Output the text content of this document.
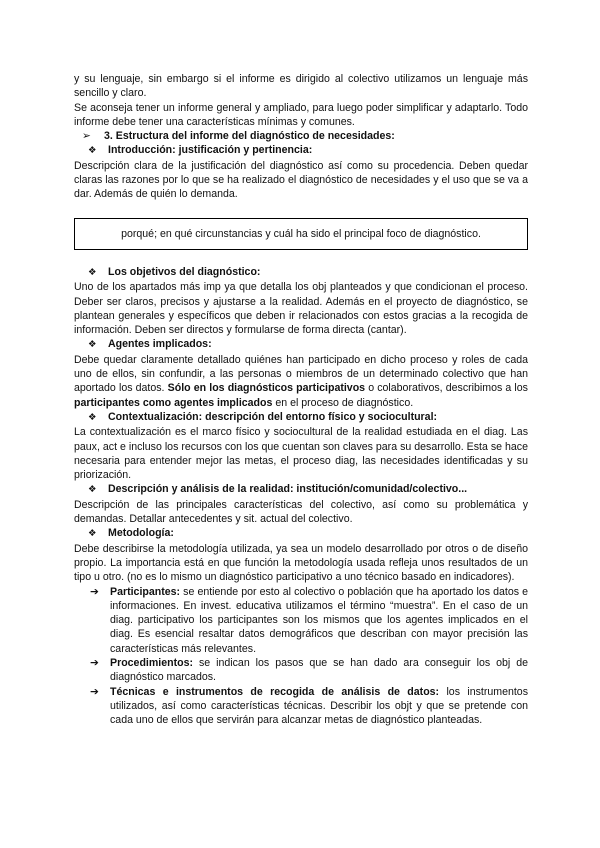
y su lenguaje, sin embargo si el informe es dirigido al colectivo utilizamos un lenguaje más sencillo y claro.

Se aconseja tener un informe general y ampliado, para luego poder simplificar y adaptarlo. Todo informe debe tener una características mínimas y comunes.

➢ 3. Estructura del informe del diagnóstico de necesidades:

❖ Introducción: justificación y pertinencia:

Descripción clara de la justificación del diagnóstico así como su procedencia. Deben quedar claras las razones por lo que se ha realizado el diagnóstico de necesidades y el uso que se va a dar. Además de quién lo demanda.

porqué; en qué circunstancias y cuál ha sido el principal foco de diagnóstico.

❖ Los objetivos del diagnóstico:

Uno de los apartados más imp ya que detalla los obj planteados y que condicionan el proceso. Deber ser claros, precisos y ajustarse a la realidad. Además en el proyecto de diagnóstico, se plantean generales y específicos que deben ir relacionados con estos gracias a la recogida de información. Deben ser directos y formularse de forma directa (cantar).

❖ Agentes implicados:

Debe quedar claramente detallado quiénes han participado en dicho proceso y roles de cada uno de ellos, sin confundir, a las personas o miembros de un determinado colectivo que han aportado los datos. Sólo en los diagnósticos participativos o colaborativos, describimos a los participantes como agentes implicados en el proceso de diagnóstico.

❖ Contextualización: descripción del entorno físico y sociocultural:

La contextualización es el marco físico y sociocultural de la realidad estudiada en el diag. Las paux, act e incluso los recursos con los que cuentan son claves para su desarrollo. Esta se hace necesaria para entender mejor las metas, el proceso diag, las necesidades identificadas y su priorización.

❖ Descripción y análisis de la realidad: institución/comunidad/colectivo...

Descripción de las principales características del colectivo, así como su problemática y demandas. Detallar antecedentes y sit. actual del colectivo.

❖ Metodología:

Debe describirse la metodología utilizada, ya sea un modelo desarrollado por otros o de diseño propio. La importancia está en que función la metodología usada refleja unos resultados de un tipo u otro. (no es lo mismo un diagnóstico participativo a uno técnico basado en indicadores).

➔ Participantes: se entiende por esto al colectivo o población que ha aportado los datos e informaciones. En invest. educativa utilizamos el término “muestra”. En el caso de un diag. participativo los participantes son los mismos que los agentes implicados en el diag. Es esencial resaltar datos demográficos que describan con mayor precisión las características más relevantes.

➔ Procedimientos: se indican los pasos que se han dado ara conseguir los obj de diagnóstico marcados.

➔ Técnicas e instrumentos de recogida de análisis de datos: los instrumentos utilizados, así como características técnicas. Describir los objt y que se pretende con cada uno de ellos que servirán para alcanzar metas de diagnóstico planteadas.
